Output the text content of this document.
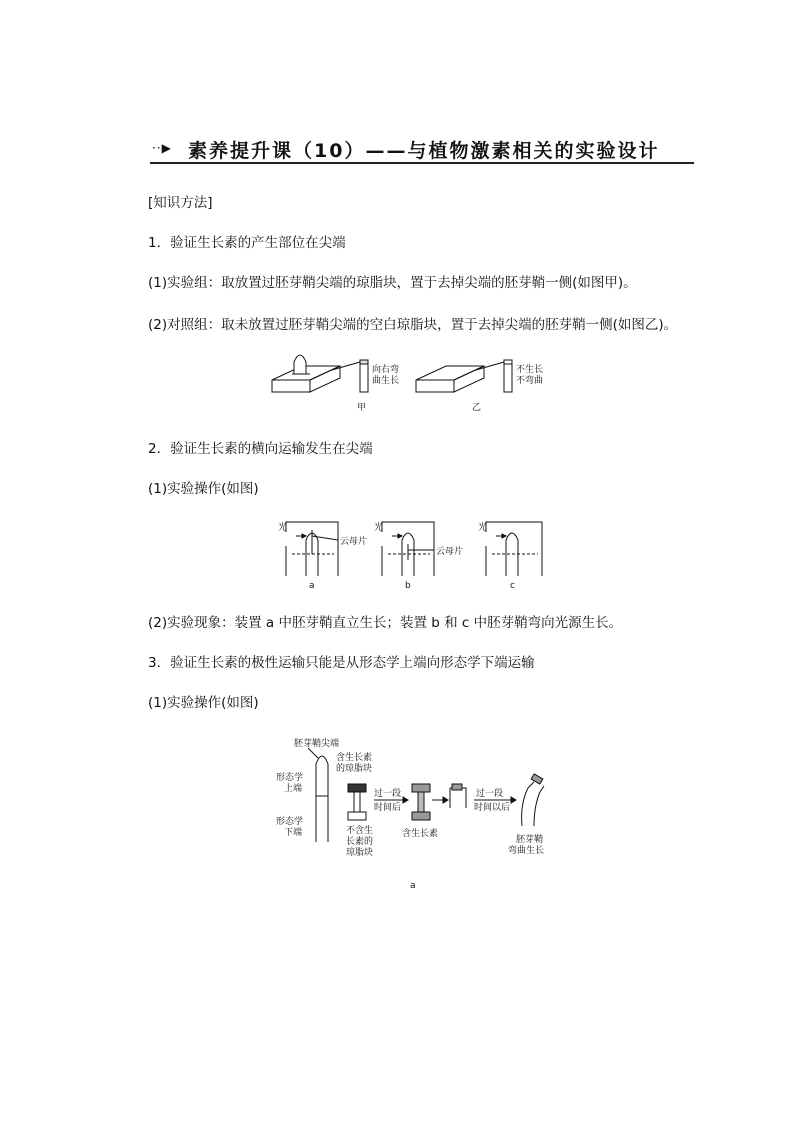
··▶ 素养提升课（10）——与植物激素相关的实验设计
[知识方法]
1．验证生长素的产生部位在尖端
(1)实验组：取放置过胚芽鞘尖端的琼脂块，置于去掉尖端的胚芽鞘一侧(如图甲)。
(2)对照组：取未放置过胚芽鞘尖端的空白琼脂块，置于去掉尖端的胚芽鞘一侧(如图乙)。
向右弯
曲生长
甲
不生长
不弯曲
乙
2．验证生长素的横向运输发生在尖端
(1)实验操作(如图)
光
云母片
a
光
云母片
b
光
c
(2)实验现象：装置 a 中胚芽鞘直立生长；装置 b 和 c 中胚芽鞘弯向光源生长。
3．验证生长素的极性运输只能是从形态学上端向形态学下端运输
(1)实验操作(如图)
胚芽鞘尖端
形态学
上端
形态学
下端
含生长素
的琼脂块
不含生
长素的
琼脂块
过一段
时间后
含生长素
过一段
时间以后
胚芽鞘
弯曲生长
a
